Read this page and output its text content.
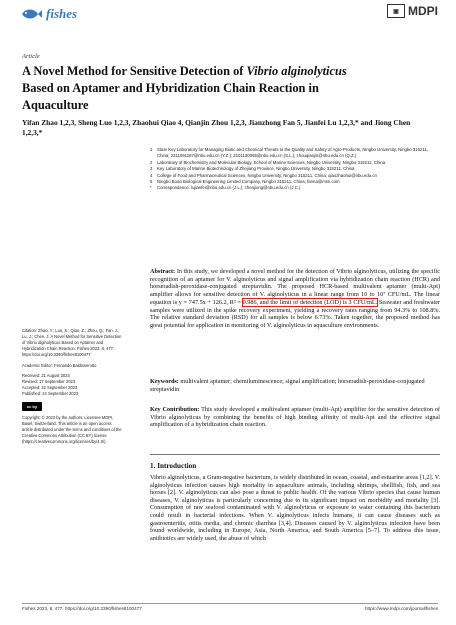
fishes	▣ MDPI
Article
A Novel Method for Sensitive Detection of Vibrio alginolyticus
Based on Aptamer and Hybridization Chain Reaction in
Aquaculture
Yifan Zhao 1,2,3, Sheng Luo 1,2,3, Zhaohui Qiao 4, Qianjin Zhou 1,2,3, Jianzhong Fan 5, Jianfei Lu 1,2,3,* and Jiong Chen 1,2,3,*
1	State Key Laboratory for Managing Biotic and Chemical Threats to the Quality and Safety of Agro-Products, Ningbo University, Ningbo 315211, China; 2311091187@nbu.edu.cn (Y.Z.); 2101130065@nbu.edu.cn (S.L.); zhouqianjin@nbu.edu.cn (Q.Z.)
2	Laboratory of Biochemistry and Molecular Biology, School of Marine Sciences, Ningbo University, Ningbo 315211, China
3	Key Laboratory of Marine Biotechnology of Zhejiang Province, Ningbo University, Ningbo 315211, China
4	College of Food and Pharmaceutical Sciences, Ningbo University, Ningbo 315211, China; qiaozhaohui@nbu.edu.cn
5	Ningbo Boao Biological Engineering Limited Company, Ningbo 315211, China; fanna@msn.com
*	Correspondence: lujianfei@nbu.edu.cn (J.L.); chenjiong@nbu.edu.cn (J.C.)
Abstract: In this study, we developed a novel method for the detection of Vibrio alginolyticus, utilizing the specific recognition of an aptamer for V. alginolyticus and signal amplification via hybridization chain reaction (HCR) and horseradish-peroxidase-conjugated streptavidin. The proposed HCR-based multivalent aptamer (multi-Apt) amplifier allows for sensitive detection of V. alginolyticus in a linear range from 10 to 10⁷ CFU/mL. The linear equation is y = 747.5x + 126.2, R² = 0.986, and the limit of detection (LOD) is 3 CFU/mL. Seawater and freshwater samples were utilized in the spike recovery experiment, yielding a recovery rates ranging from 94.3% to 108.8%. The relative standard deviation (RSD) for all samples is below 6.73%. Taken together, the proposed method has great potential for application in monitoring of V. alginolyticus in aquaculture environments.
Keywords: multivalent aptamer; chemiluminescence; signal amplification; horseradish-peroxidase-conjugated streptavidin
Key Contribution: This study developed a multivalent aptamer (multi-Apt) amplifier for the sensitive detection of Vibrio alginolyticus by combining the benefits of high binding affinity of multi-Apt and the effective signal amplification of a hybridization chain reaction.
Citation: Zhao, Y.; Luo, S.; Qiao, Z.; Zhou, Q.; Fan, J.; Lu, J.; Chen, J. A Novel Method for Sensitive Detection of Vibrio alginolyticus Based on Aptamer and Hybridization Chain Reaction. Fishes 2023, 8, 477. https://doi.org/10.3390/fishes8100477
Academic Editor: Fernando Baldisserotto
Received: 21 August 2023
Revised: 17 September 2023
Accepted: 22 September 2023
Published: 24 September 2023
cc by
Copyright: © 2023 by the authors. Licensee MDPI, Basel, Switzerland. This article is an open access article distributed under the terms and conditions of the Creative Commons Attribution (CC BY) license (https://creativecommons.org/licenses/by/4.0/).
1. Introduction
Vibrio alginolyticus, a Gram-negative bacterium, is widely distributed in ocean, coastal, and estuarine areas [1,2]. V. alginolyticus infection causes high mortality in aquaculture animals, including shrimps, shellfish, fish, and sea horses [2]. V. alginolyticus can also pose a threat to public health. Of the various Vibrio species that cause human diseases, V. alginolyticus is particularly concerning due to its significant impact on morbidity and mortality [3]. Consumption of raw seafood contaminated with V. alginolyticus or exposure to water containing this bacterium could result in bacterial infections. When V. alginolyticus infects humans, it can cause diseases such as gastroenteritis, otitis media, and chronic diarrhea [3,4]. Diseases caused by V. alginolyticus infection have been found worldwide, including in Europe, Asia, North America, and South America [5–7]. To address this issue, antibiotics are widely used, the abuse of which
Fishes 2023, 8, 477. https://doi.org/10.3390/fishes8100477	https://www.mdpi.com/journal/fishes
